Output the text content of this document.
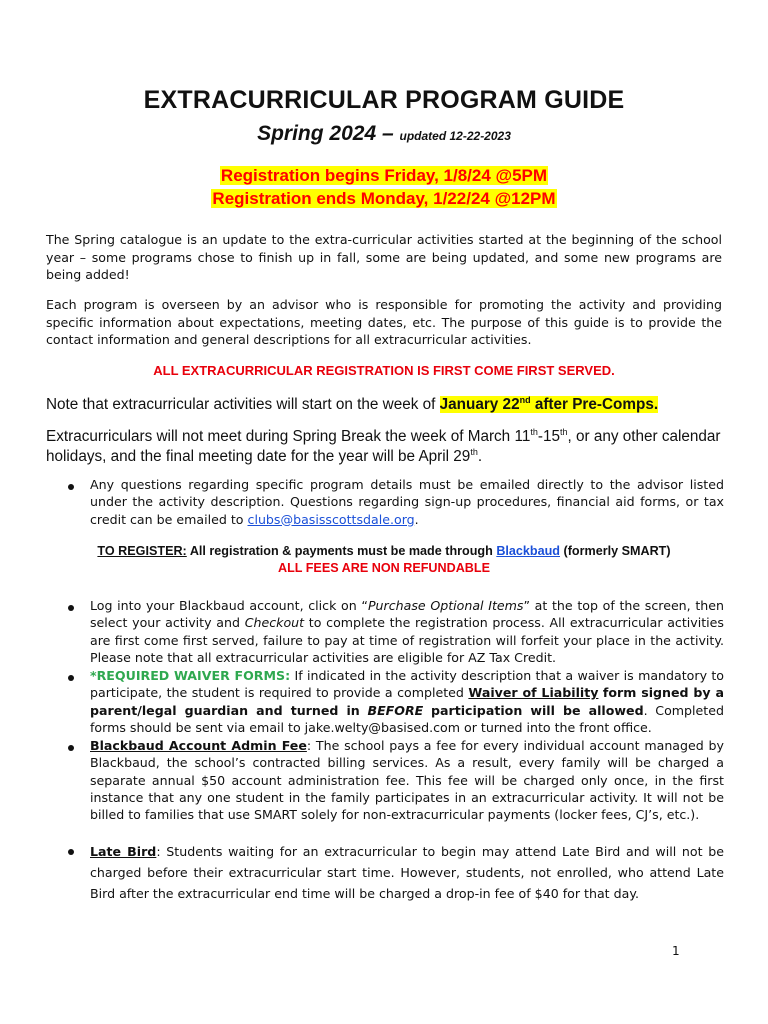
EXTRACURRICULAR PROGRAM GUIDE
Spring 2024 – updated 12-22-2023
Registration begins Friday, 1/8/24 @5PM
Registration ends Monday, 1/22/24 @12PM
The Spring catalogue is an update to the extra-curricular activities started at the beginning of the school year – some programs chose to finish up in fall, some are being updated, and some new programs are being added!
Each program is overseen by an advisor who is responsible for promoting the activity and providing specific information about expectations, meeting dates, etc. The purpose of this guide is to provide the contact information and general descriptions for all extracurricular activities.
ALL EXTRACURRICULAR REGISTRATION IS FIRST COME FIRST SERVED.
Note that extracurricular activities will start on the week of January 22nd after Pre-Comps.
Extracurriculars will not meet during Spring Break the week of March 11th-15th, or any other calendar holidays, and the final meeting date for the year will be April 29th.
Any questions regarding specific program details must be emailed directly to the advisor listed under the activity description. Questions regarding sign-up procedures, financial aid forms, or tax credit can be emailed to clubs@basisscottsdale.org.
TO REGISTER: All registration & payments must be made through Blackbaud (formerly SMART)
ALL FEES ARE NON REFUNDABLE
Log into your Blackbaud account, click on “Purchase Optional Items” at the top of the screen, then select your activity and Checkout to complete the registration process. All extracurricular activities are first come first served, failure to pay at time of registration will forfeit your place in the activity. Please note that all extracurricular activities are eligible for AZ Tax Credit.
*REQUIRED WAIVER FORMS: If indicated in the activity description that a waiver is mandatory to participate, the student is required to provide a completed Waiver of Liability form signed by a parent/legal guardian and turned in BEFORE participation will be allowed. Completed forms should be sent via email to jake.welty@basised.com or turned into the front office.
Blackbaud Account Admin Fee: The school pays a fee for every individual account managed by Blackbaud, the school’s contracted billing services. As a result, every family will be charged a separate annual $50 account administration fee. This fee will be charged only once, in the first instance that any one student in the family participates in an extracurricular activity. It will not be billed to families that use SMART solely for non-extracurricular payments (locker fees, CJ’s, etc.).
Late Bird: Students waiting for an extracurricular to begin may attend Late Bird and will not be charged before their extracurricular start time. However, students, not enrolled, who attend Late Bird after the extracurricular end time will be charged a drop-in fee of $40 for that day.
1
